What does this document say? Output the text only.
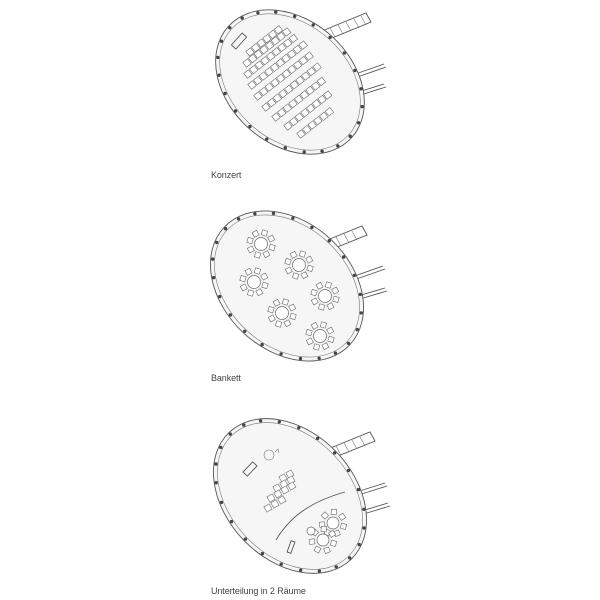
Konzert
Bankett
Unterteilung in 2 Räume
